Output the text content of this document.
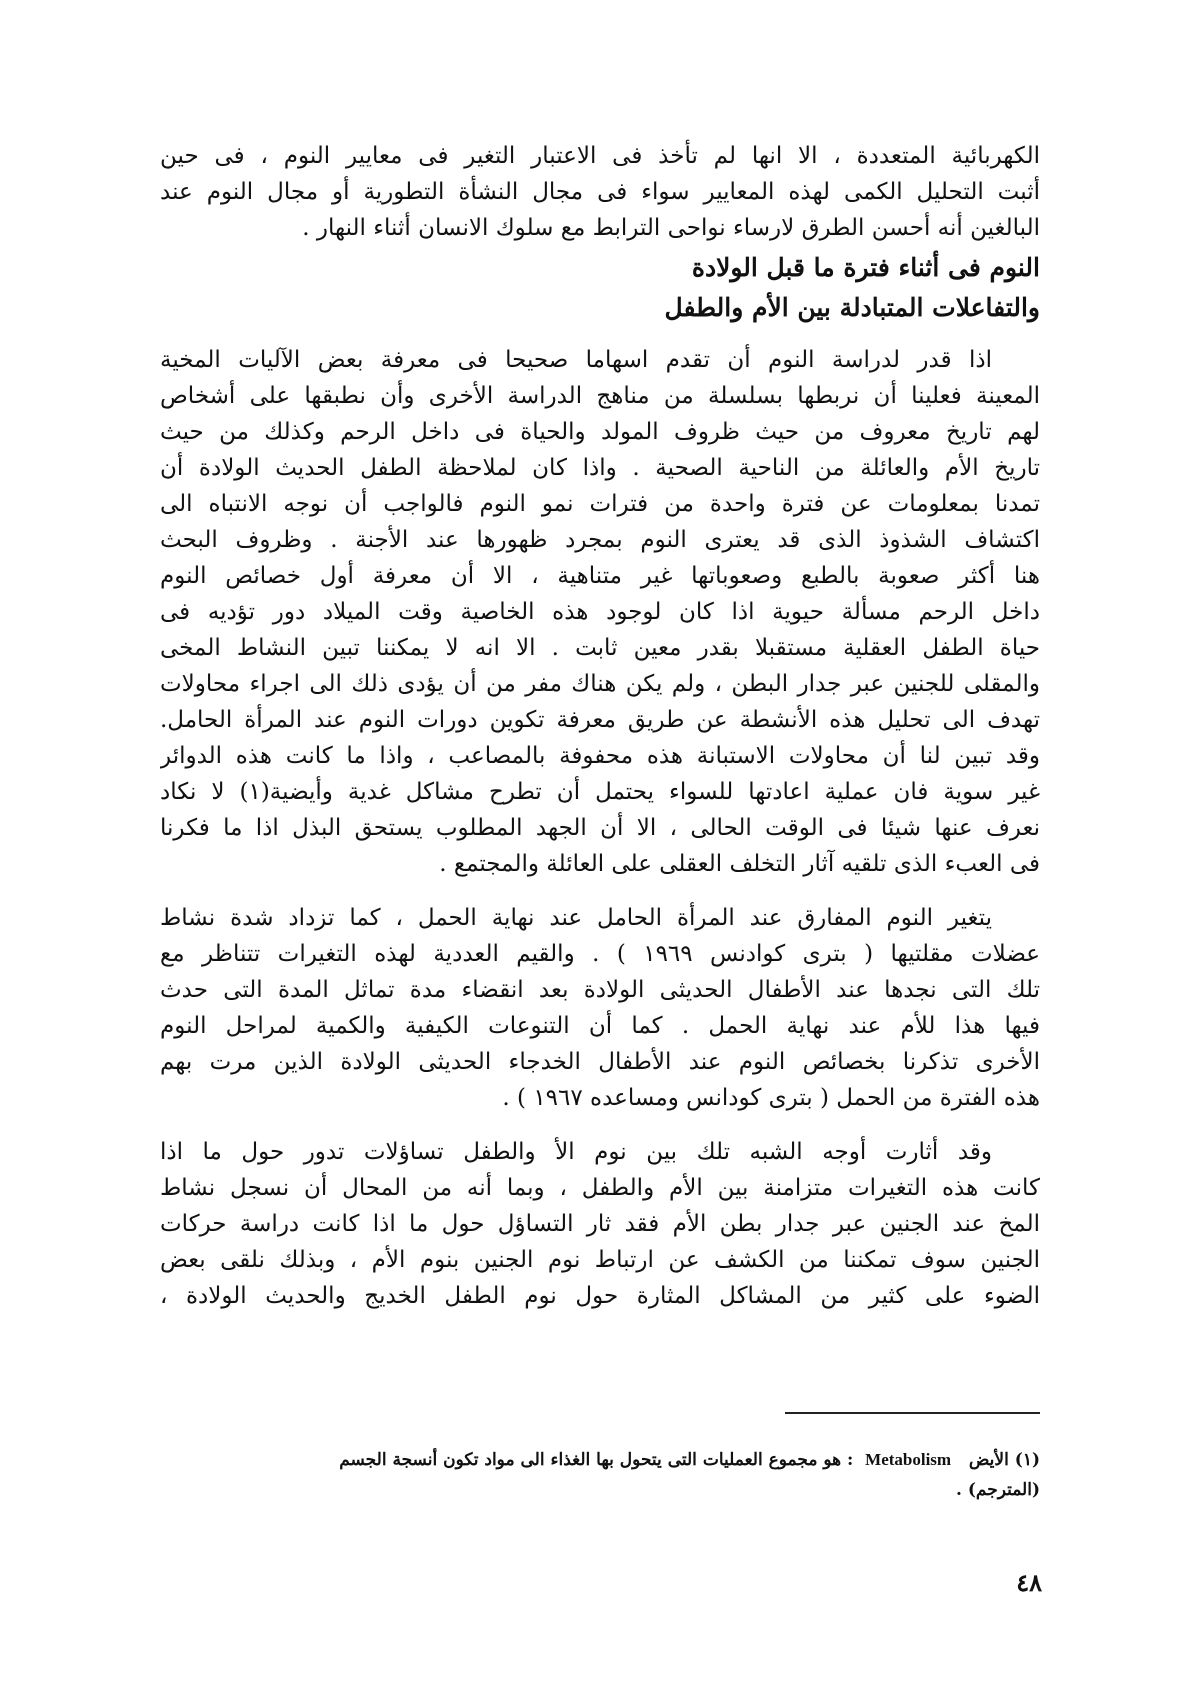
الكهربائية المتعددة ، الا انها لم تأخذ فى الاعتبار التغير فى معايير النوم ، فى حين
أثبت التحليل الكمى لهذه المعايير سواء فى مجال النشأة التطورية أو مجال النوم عند
البالغين أنه أحسن الطرق لارساء نواحى الترابط مع سلوك الانسان أثناء النهار .
النوم فى أثناء فترة ما قبل الولادة
والتفاعلات المتبادلة بين الأم والطفل
اذا قدر لدراسة النوم أن تقدم اسهاما صحيحا فى معرفة بعض الآليات المخية
المعينة فعلينا أن نربطها بسلسلة من مناهج الدراسة الأخرى وأن نطبقها على أشخاص
لهم تاريخ معروف من حيث ظروف المولد والحياة فى داخل الرحم وكذلك من حيث
تاريخ الأم والعائلة من الناحية الصحية . واذا كان لملاحظة الطفل الحديث الولادة أن
تمدنا بمعلومات عن فترة واحدة من فترات نمو النوم فالواجب أن نوجه الانتباه الى
اكتشاف الشذوذ الذى قد يعترى النوم بمجرد ظهورها عند الأجنة . وظروف البحث
هنا أكثر صعوبة بالطبع وصعوباتها غير متناهية ، الا أن معرفة أول خصائص النوم
داخل الرحم مسألة حيوية اذا كان لوجود هذه الخاصية وقت الميلاد دور تؤديه فى
حياة الطفل العقلية مستقبلا بقدر معين ثابت . الا انه لا يمكننا تبين النشاط المخى
والمقلى للجنين عبر جدار البطن ، ولم يكن هناك مفر من أن يؤدى ذلك الى اجراء محاولات
تهدف الى تحليل هذه الأنشطة عن طريق معرفة تكوين دورات النوم عند المرأة الحامل.
وقد تبين لنا أن محاولات الاستبانة هذه محفوفة بالمصاعب ، واذا ما كانت هذه الدوائر
غير سوية فان عملية اعادتها للسواء يحتمل أن تطرح مشاكل غدية وأيضية(١) لا نكاد
نعرف عنها شيئا فى الوقت الحالى ، الا أن الجهد المطلوب يستحق البذل اذا ما فكرنا
فى العبء الذى تلقيه آثار التخلف العقلى على العائلة والمجتمع .
يتغير النوم المفارق عند المرأة الحامل عند نهاية الحمل ، كما تزداد شدة نشاط
عضلات مقلتيها ( بترى كوادنس ١٩٦٩ ) . والقيم العددية لهذه التغيرات تتناظر مع
تلك التى نجدها عند الأطفال الحديثى الولادة بعد انقضاء مدة تماثل المدة التى حدث
فيها هذا للأم عند نهاية الحمل . كما أن التنوعات الكيفية والكمية لمراحل النوم
الأخرى تذكرنا بخصائص النوم عند الأطفال الخدجاء الحديثى الولادة الذين مرت بهم
هذه الفترة من الحمل ( بترى كودانس ومساعده ١٩٦٧ ) .
وقد أثارت أوجه الشبه تلك بين نوم الأ والطفل تساؤلات تدور حول ما اذا
كانت هذه التغيرات متزامنة بين الأم والطفل ، وبما أنه من المحال أن نسجل نشاط
المخ عند الجنين عبر جدار بطن الأم فقد ثار التساؤل حول ما اذا كانت دراسة حركات
الجنين سوف تمكننا من الكشف عن ارتباط نوم الجنين بنوم الأم ، وبذلك نلقى بعض
الضوء على كثير من المشاكل المثارة حول نوم الطفل الخديج والحديث الولادة ،
(١) الأيض   Metabolism  : هو مجموع العمليات التى يتحول بها الغذاء الى مواد تكون أنسجة الجسم
(المترجم) .
٤٨
